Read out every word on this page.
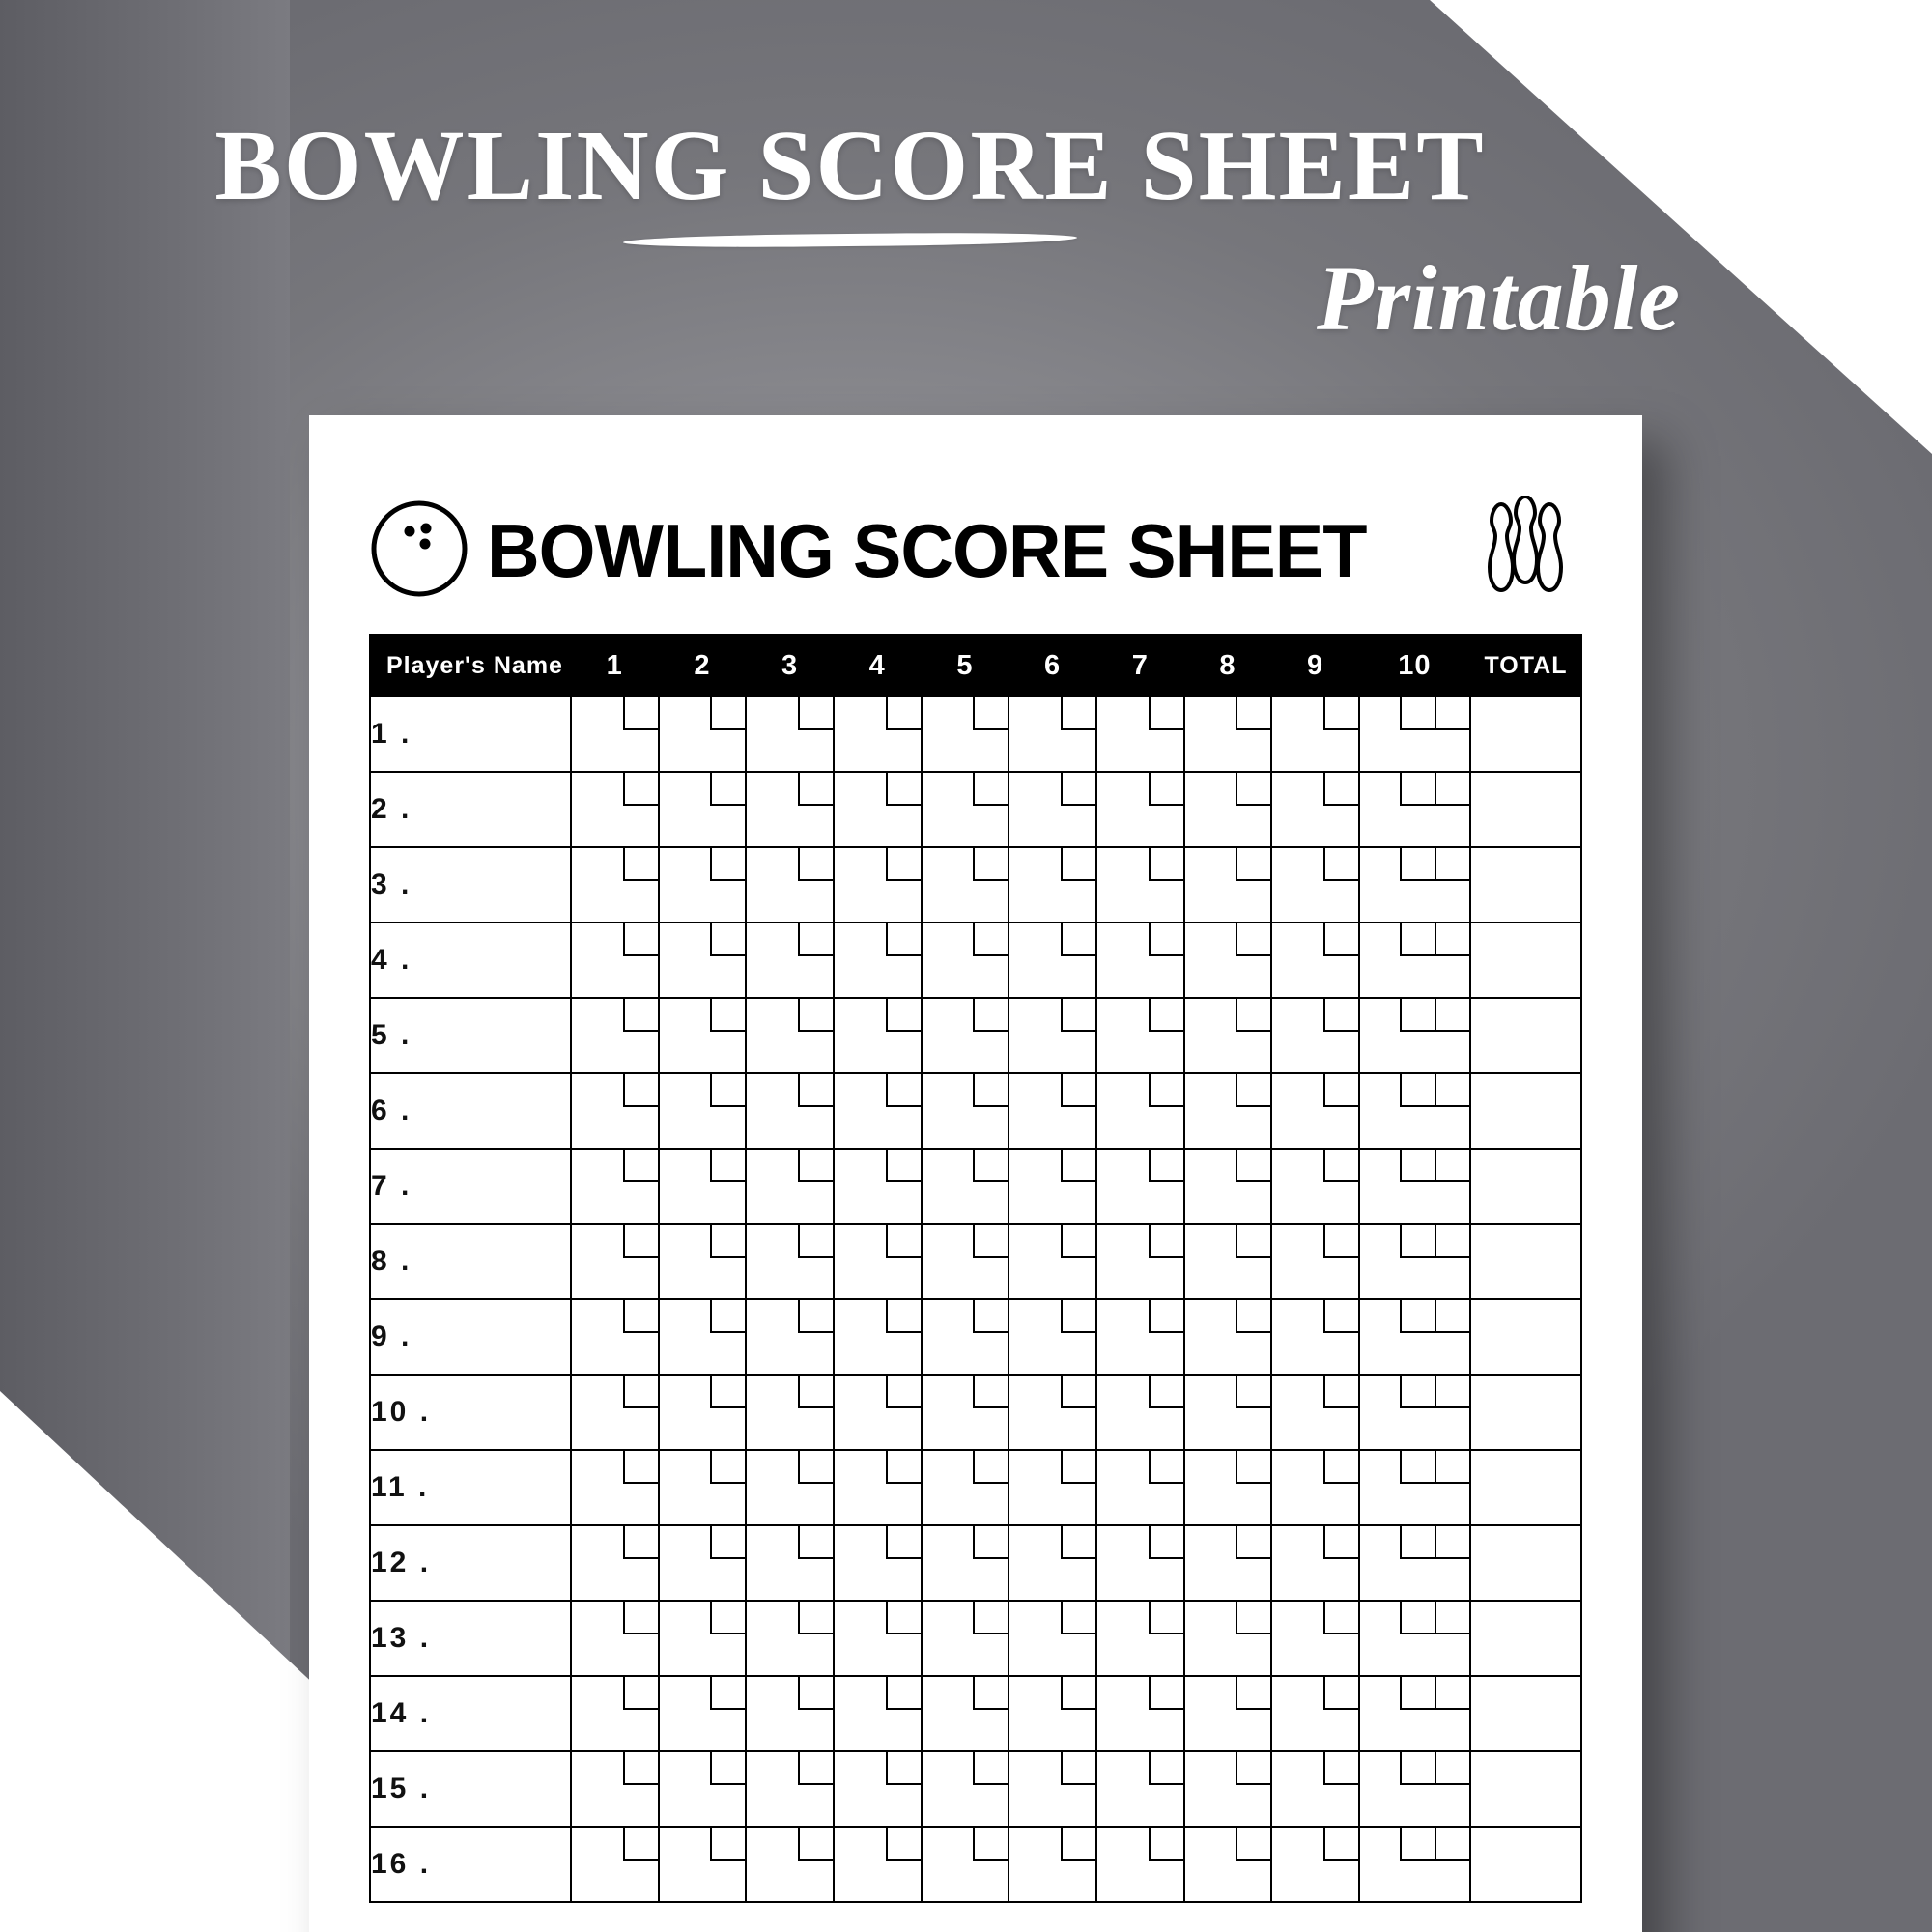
BOWLING SCORE SHEET
Printable
BOWLING SCORE SHEET
Player's Name	1	2	3	4	5	6	7	8	9	10	TOTAL
1 .	

2 .	

3 .	

4 .	

5 .	

6 .	

7 .	

8 .	

9 .	

10 .	

11 .	

12 .	

13 .	

14 .	

15 .	

16 .	
